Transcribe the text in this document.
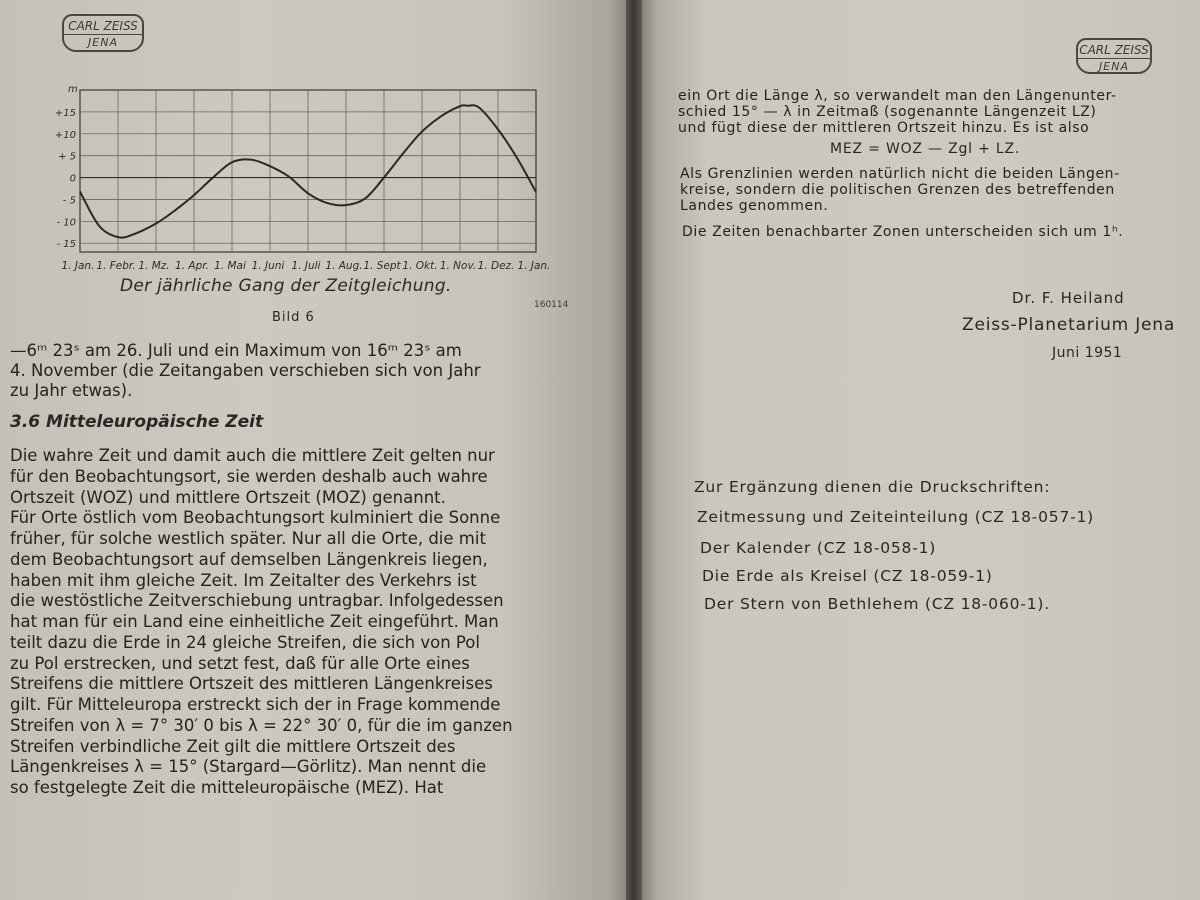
CARL ZEISS
JENA
+15
+10
+ 5
0
- 5
- 10
- 15
m
1. Jan. 1. Febr. 1. Mz. 1. Apr. 1. Mai 1. Juni 1. Juli 1. Aug. 1. Sept 1. Okt. 1. Nov. 1. Dez. 1. Jan.
Der jährliche Gang der Zeitgleichung.
160114
Bild 6
—6ᵐ 23ˢ am 26. Juli und ein Maximum von 16ᵐ 23ˢ am
4. November (die Zeitangaben verschieben sich von Jahr
zu Jahr etwas).
3.6 Mitteleuropäische Zeit
Die wahre Zeit und damit auch die mittlere Zeit gelten nur
für den Beobachtungsort, sie werden deshalb auch wahre
Ortszeit (WOZ) und mittlere Ortszeit (MOZ) genannt.
Für Orte östlich vom Beobachtungsort kulminiert die Sonne
früher, für solche westlich später. Nur all die Orte, die mit
dem Beobachtungsort auf demselben Längenkreis liegen,
haben mit ihm gleiche Zeit. Im Zeitalter des Verkehrs ist
die westöstliche Zeitverschiebung untragbar. Infolgedessen
hat man für ein Land eine einheitliche Zeit eingeführt. Man
teilt dazu die Erde in 24 gleiche Streifen, die sich von Pol
zu Pol erstrecken, und setzt fest, daß für alle Orte eines
Streifens die mittlere Ortszeit des mittleren Längenkreises
gilt. Für Mitteleuropa erstreckt sich der in Frage kommende
Streifen von λ = 7° 30′ 0 bis λ = 22° 30′ 0, für die im ganzen
Streifen verbindliche Zeit gilt die mittlere Ortszeit des
Längenkreises λ = 15° (Stargard—Görlitz). Man nennt die
so festgelegte Zeit die mitteleuropäische (MEZ). Hat
CARL ZEISS
JENA
ein Ort die Länge λ, so verwandelt man den Längenunter-
schied 15° — λ in Zeitmaß (sogenannte Längenzeit LZ)
und fügt diese der mittleren Ortszeit hinzu. Es ist also
MEZ = WOZ — Zgl + LZ.
Als Grenzlinien werden natürlich nicht die beiden Längen-
kreise, sondern die politischen Grenzen des betreffenden
Landes genommen.
Die Zeiten benachbarter Zonen unterscheiden sich um 1ʰ.
Dr. F. Heiland
Zeiss-Planetarium Jena
Juni 1951
Zur Ergänzung dienen die Druckschriften:
Zeitmessung und Zeiteinteilung (CZ 18-057-1)
Der Kalender (CZ 18-058-1)
Die Erde als Kreisel (CZ 18-059-1)
Der Stern von Bethlehem (CZ 18-060-1).
